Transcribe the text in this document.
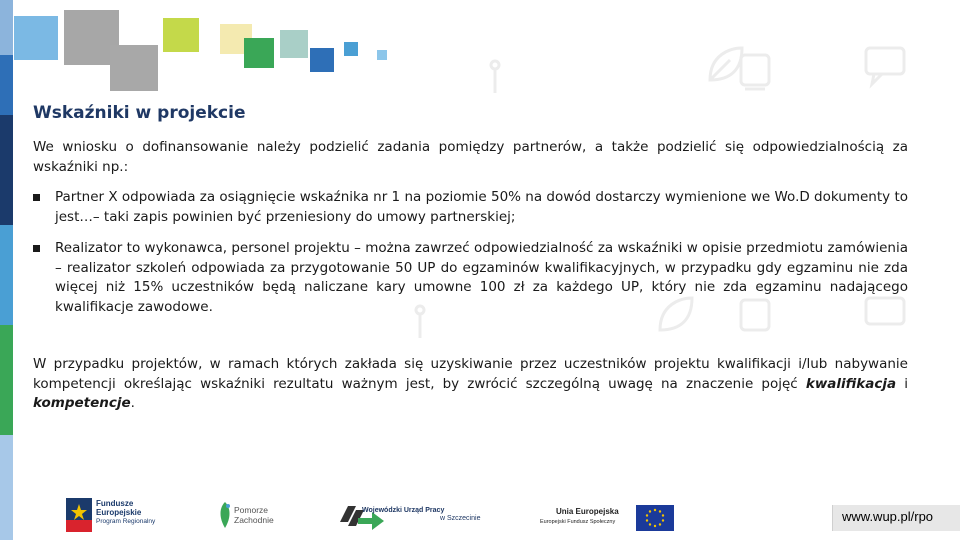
Wskaźniki w projekcie
We wniosku o dofinansowanie należy podzielić zadania pomiędzy partnerów, a także podzielić się odpowiedzialnością za wskaźniki np.:
Partner X odpowiada za osiągnięcie wskaźnika nr 1 na poziomie 50% na dowód dostarczy wymienione we Wo.D dokumenty to jest…– taki zapis powinien być przeniesiony do umowy partnerskiej;
Realizator to wykonawca, personel projektu – można zawrzeć odpowiedzialność za wskaźniki w opisie przedmiotu zamówienia – realizator szkoleń odpowiada za przygotowanie 50 UP do egzaminów kwalifikacyjnych, w przypadku gdy egzaminu nie zda więcej niż 15% uczestników będą naliczane kary umowne 100 zł za każdego UP, który nie zda egzaminu nadającego kwalifikacje zawodowe.
W przypadku projektów, w ramach których zakłada się uzyskiwanie przez uczestników projektu kwalifikacji i/lub nabywanie kompetencji określając wskaźniki rezultatu ważnym jest, by zwrócić szczególną uwagę na znaczenie pojęć kwalifikacja i kompetencje.
Fundusze
Europejskie
Program Regionalny
Pomorze
Zachodnie
Wojewódzki Urząd Pracy
w Szczecinie
Unia Europejska
Europejski Fundusz Społeczny	www.wup.pl/rpo
